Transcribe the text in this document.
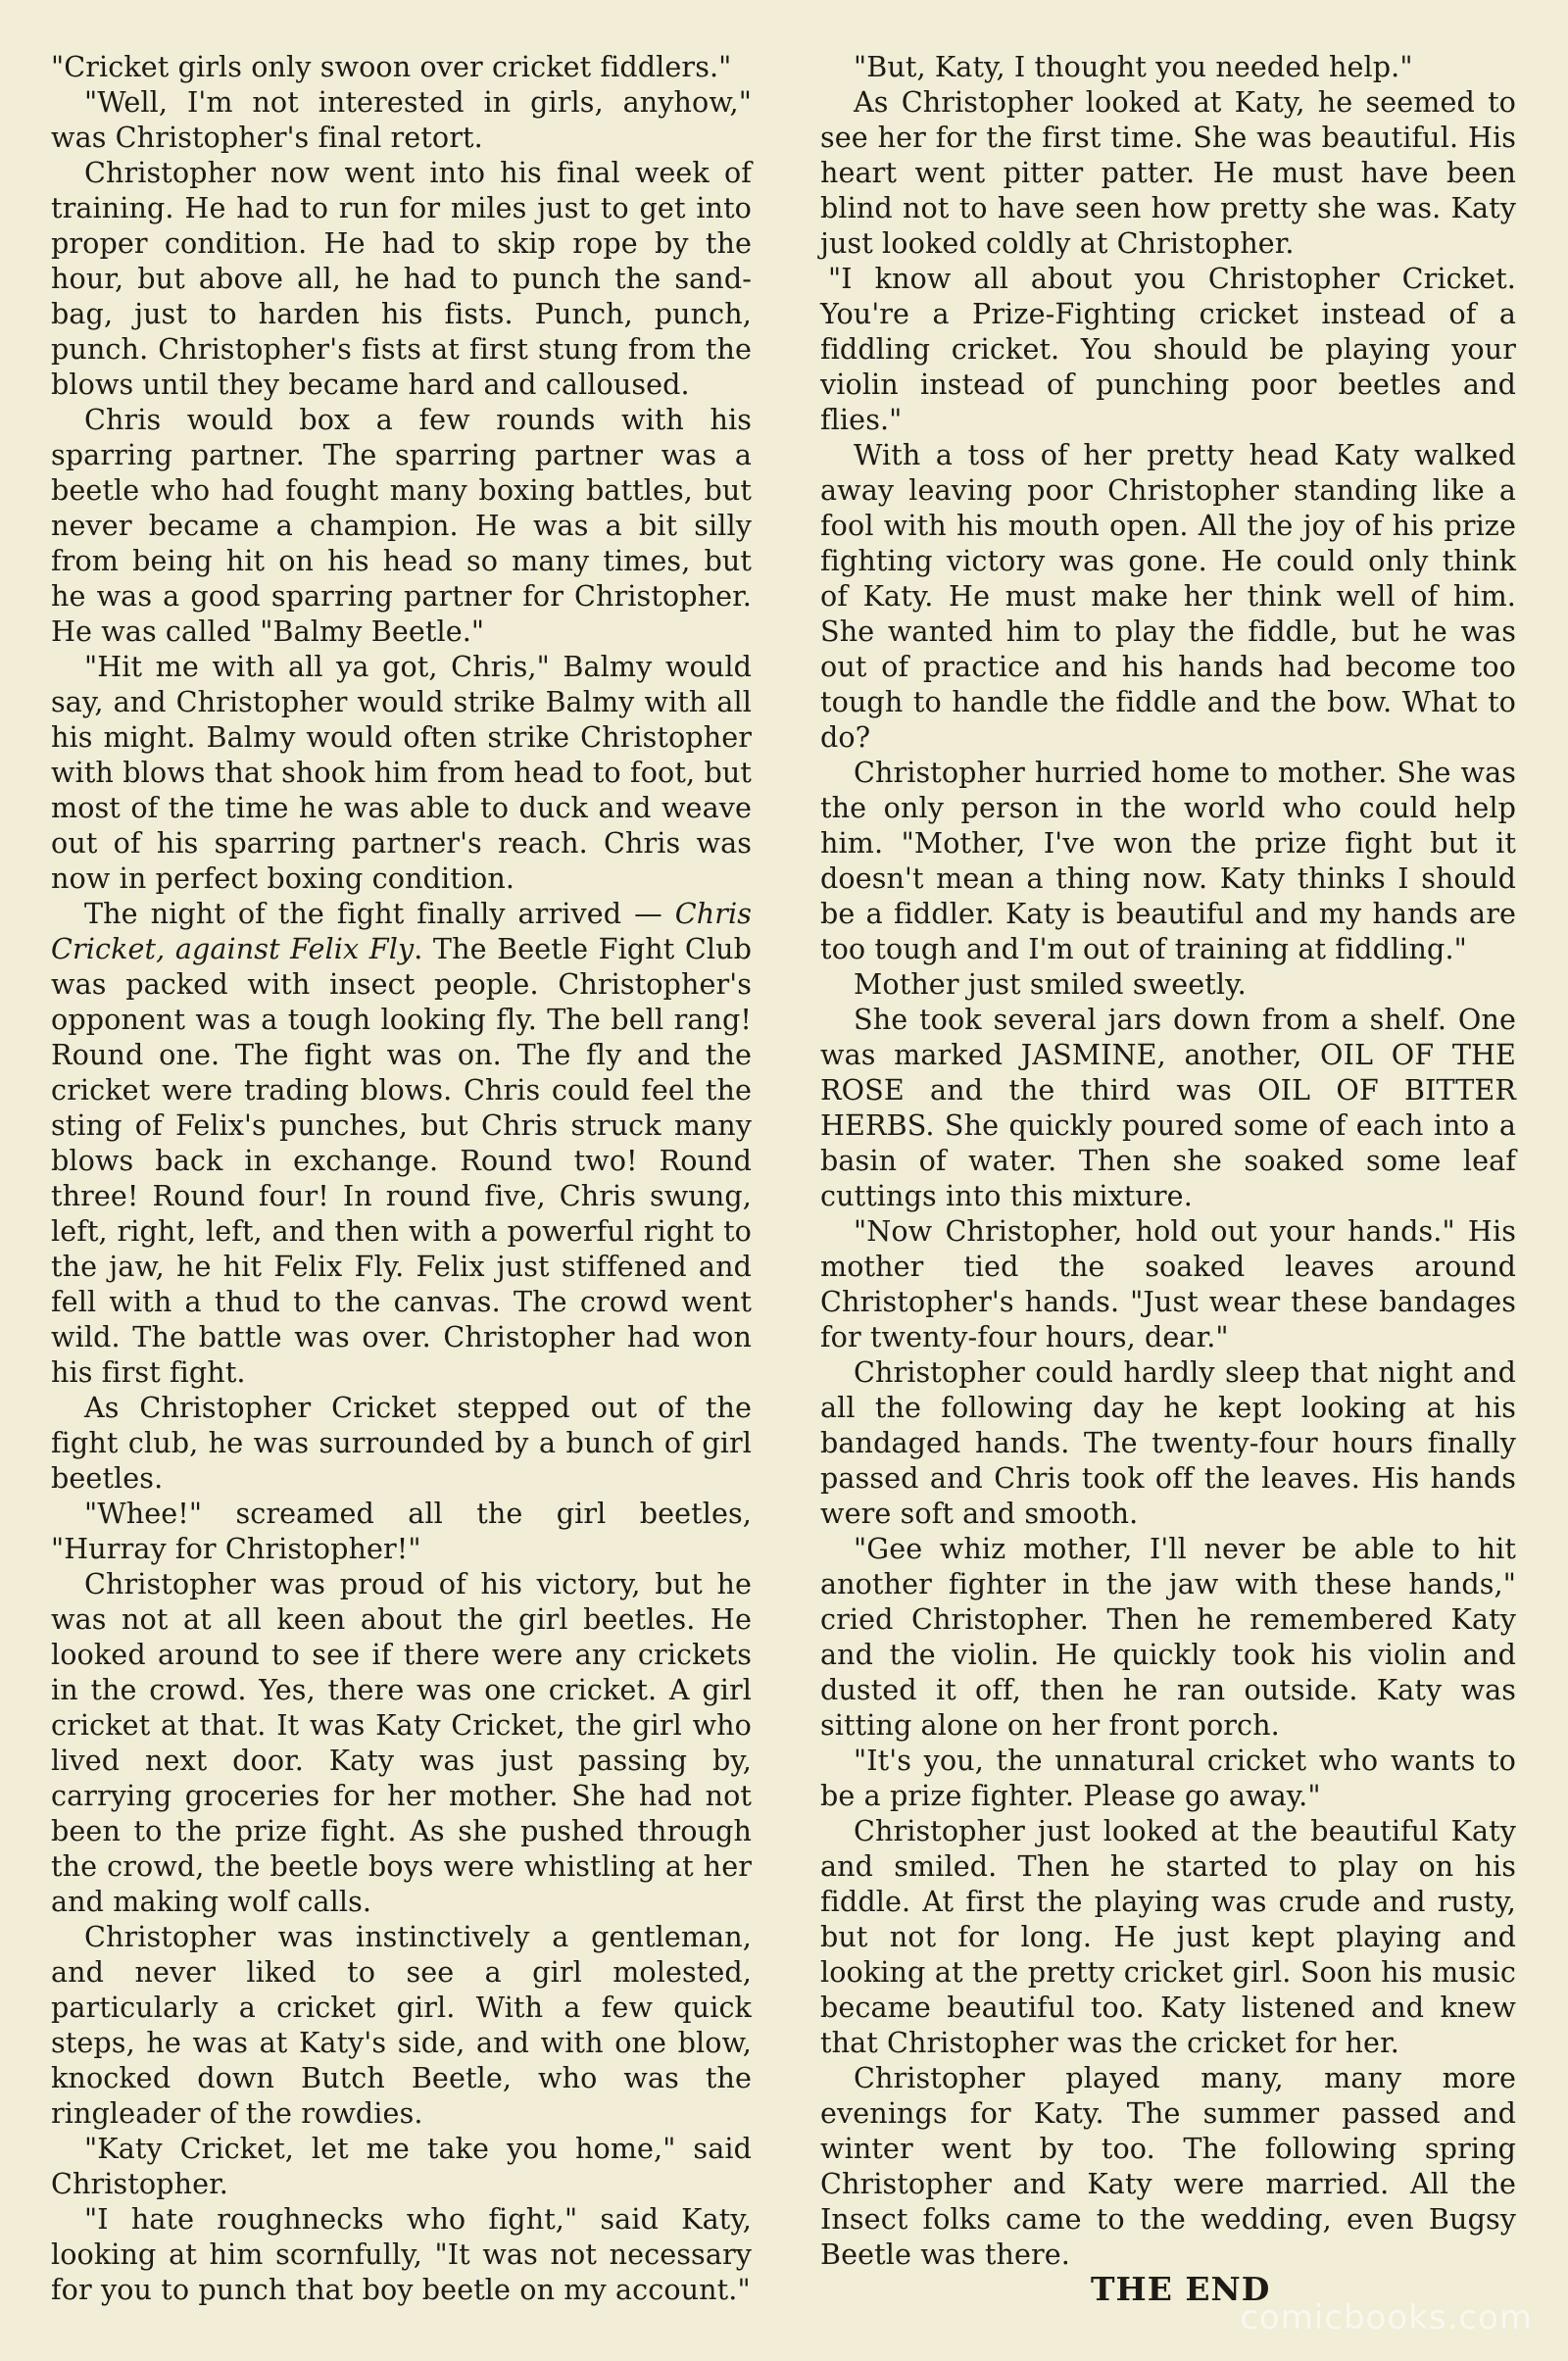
"Cricket girls only swoon over cricket fiddlers."

"Well, I'm not interested in girls, anyhow," was Christopher's final retort.

Christopher now went into his final week of training. He had to run for miles just to get into proper condition. He had to skip rope by the hour, but above all, he had to punch the sand-bag, just to harden his fists. Punch, punch, punch. Christopher's fists at first stung from the blows until they became hard and calloused.

Chris would box a few rounds with his sparring partner. The sparring partner was a beetle who had fought many boxing battles, but never became a champion. He was a bit silly from being hit on his head so many times, but he was a good sparring partner for Christopher. He was called "Balmy Beetle."

"Hit me with all ya got, Chris," Balmy would say, and Christopher would strike Balmy with all his might. Balmy would often strike Christopher with blows that shook him from head to foot, but most of the time he was able to duck and weave out of his sparring partner's reach. Chris was now in perfect boxing condition.

The night of the fight finally arrived — Chris Cricket, against Felix Fly. The Beetle Fight Club was packed with insect people. Christopher's opponent was a tough looking fly. The bell rang! Round one. The fight was on. The fly and the cricket were trading blows. Chris could feel the sting of Felix's punches, but Chris struck many blows back in exchange. Round two! Round three! Round four! In round five, Chris swung, left, right, left, and then with a powerful right to the jaw, he hit Felix Fly. Felix just stiffened and fell with a thud to the canvas. The crowd went wild. The battle was over. Christopher had won his first fight.

As Christopher Cricket stepped out of the fight club, he was surrounded by a bunch of girl beetles.

"Whee!" screamed all the girl beetles, "Hurray for Christopher!"

Christopher was proud of his victory, but he was not at all keen about the girl beetles. He looked around to see if there were any crickets in the crowd. Yes, there was one cricket. A girl cricket at that. It was Katy Cricket, the girl who lived next door. Katy was just passing by, carrying groceries for her mother. She had not been to the prize fight. As she pushed through the crowd, the beetle boys were whistling at her and making wolf calls.

Christopher was instinctively a gentleman, and never liked to see a girl molested, particularly a cricket girl. With a few quick steps, he was at Katy's side, and with one blow, knocked down Butch Beetle, who was the ringleader of the rowdies.

"Katy Cricket, let me take you home," said Christopher.

"I hate roughnecks who fight," said Katy, looking at him scornfully, "It was not necessary for you to punch that boy beetle on my account."

"But, Katy, I thought you needed help."

As Christopher looked at Katy, he seemed to see her for the first time. She was beautiful. His heart went pitter patter. He must have been blind not to have seen how pretty she was. Katy just looked coldly at Christopher.

"I know all about you Christopher Cricket. You're a Prize-Fighting cricket instead of a fiddling cricket. You should be playing your violin instead of punching poor beetles and flies."

With a toss of her pretty head Katy walked away leaving poor Christopher standing like a fool with his mouth open. All the joy of his prize fighting victory was gone. He could only think of Katy. He must make her think well of him. She wanted him to play the fiddle, but he was out of practice and his hands had become too tough to handle the fiddle and the bow. What to do?

Christopher hurried home to mother. She was the only person in the world who could help him. "Mother, I've won the prize fight but it doesn't mean a thing now. Katy thinks I should be a fiddler. Katy is beautiful and my hands are too tough and I'm out of training at fiddling."

Mother just smiled sweetly.

She took several jars down from a shelf. One was marked JASMINE, another, OIL OF THE ROSE and the third was OIL OF BITTER HERBS. She quickly poured some of each into a basin of water. Then she soaked some leaf cuttings into this mixture.

"Now Christopher, hold out your hands." His mother tied the soaked leaves around Christopher's hands. "Just wear these bandages for twenty-four hours, dear."

Christopher could hardly sleep that night and all the following day he kept looking at his bandaged hands. The twenty-four hours finally passed and Chris took off the leaves. His hands were soft and smooth.

"Gee whiz mother, I'll never be able to hit another fighter in the jaw with these hands," cried Christopher. Then he remembered Katy and the violin. He quickly took his violin and dusted it off, then he ran outside. Katy was sitting alone on her front porch.

"It's you, the unnatural cricket who wants to be a prize fighter. Please go away."

Christopher just looked at the beautiful Katy and smiled. Then he started to play on his fiddle. At first the playing was crude and rusty, but not for long. He just kept playing and looking at the pretty cricket girl. Soon his music became beautiful too. Katy listened and knew that Christopher was the cricket for her.

Christopher played many, many more evenings for Katy. The summer passed and winter went by too. The following spring Christopher and Katy were married. All the Insect folks came to the wedding, even Bugsy Beetle was there.

THE END
comicbooks.com
